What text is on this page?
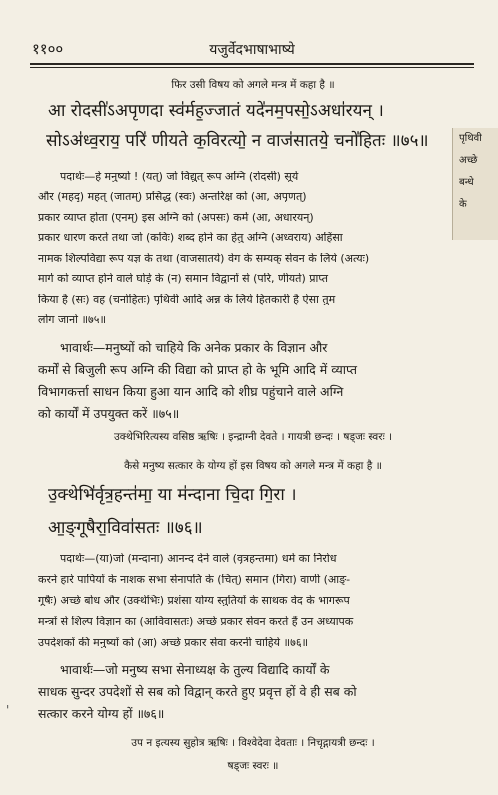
११००	यजुर्वेदभाषाभाष्ये
फिर उसी विषय को अगले मन्त्र में कहा है ॥
आ रोदसी॑ऽअपृणदा स्व॑र्मह॒ज्जातं यदे॑नम॒पसो॒ऽअधा॑रयन् ।
सोऽअ॑ध्व॒राय॒ परि॑ णीयते क॒विरत्यो॒ न वाज॑सातये॒ चनो॑हितः ॥७५॥	पृथिवी
अच्छे
बन्धे
के
पदार्थः—हे मनुष्यो ! (यत्) जो विद्युत् रूप अग्नि (रोदसी) सूर्य
और (महद्) महत् (जातम्) प्रसिद्ध (स्वः) अन्तरिक्ष को (आ, अपृणत्)
प्रकार व्याप्त होता (एनम्) इस अग्नि को (अपसः) कर्म (आ, अधारयन्)
प्रकार धारण करते तथा जो (कविः) शब्द होने का हेतु अग्नि (अध्वराय) अहिंसा
नामक शिल्पविद्या रूप यज्ञ के तथा (वाजसातये) वेग के सम्यक् सेवन के लिये (अत्यः)
मार्ग को व्याप्त होने वाले घोड़े के (न) समान विद्वानों से (परि, णीयते) प्राप्त
किया है (सः) वह (चनोहितः) पृथिवी आदि अन्न के लिये हितकारी है ऐसा तुम
लोग जानो ॥७५॥
भावार्थः—मनुष्यों को चाहिये कि अनेक प्रकार के विज्ञान और
कर्मों से बिजुली रूप अग्नि की विद्या को प्राप्त हो के भूमि आदि में व्याप्त
विभागकर्त्ता साधन किया हुआ यान आदि को शीघ्र पहुंचाने वाले अग्नि
को कार्यों में उपयुक्त करें ॥७५॥
उक्थेभिरित्यस्य वसिष्ठ ऋषिः । इन्द्राग्नी देवते । गायत्री छन्दः । षड्जः स्वरः ।
कैसे मनुष्य सत्कार के योग्य हों इस विषय को अगले मन्त्र में कहा है ॥
उ॒क्थेभि॑र्वृत्र॒हन्त॑मा॒ या म॑न्दा॒ना चि॒दा गि॒रा ।
आ॒ङ्गू॒षैरा॒विवा॑सतः ॥७६॥
पदार्थः—(या)जो (मन्दाना) आनन्द देने वाले (वृत्रहन्तमा) धर्म का निरोध
करने हारे पापियों के नाशक सभा सेनापति के (चित्) समान (गिरा) वाणी (आङ्-
गूषैः) अच्छे बोध और (उक्थेभिः) प्रशंसा योग्य स्तुतियों के साथक वेद के भागरूप
मन्त्रों से शिल्प विज्ञान का (आविवासतः) अच्छे प्रकार सेवन करते हैं उन अध्यापक
उपदेशकों की मनुष्यों को (आ) अच्छे प्रकार सेवा करनी चाहिये ॥७६॥
भावार्थः—जो मनुष्य सभा सेनाध्यक्ष के तुल्य विद्यादि कार्यों के
साधक सुन्दर उपदेशों से सब को विद्वान् करते हुए प्रवृत्त हों वे ही सब को
सत्कार करने योग्य हों ॥७६॥
उप न इत्यस्य सुहोत्र ऋषिः । विश्वेदेवा देवताः । निचृद्गायत्री छन्दः ।
षड्जः स्वरः ॥
'
